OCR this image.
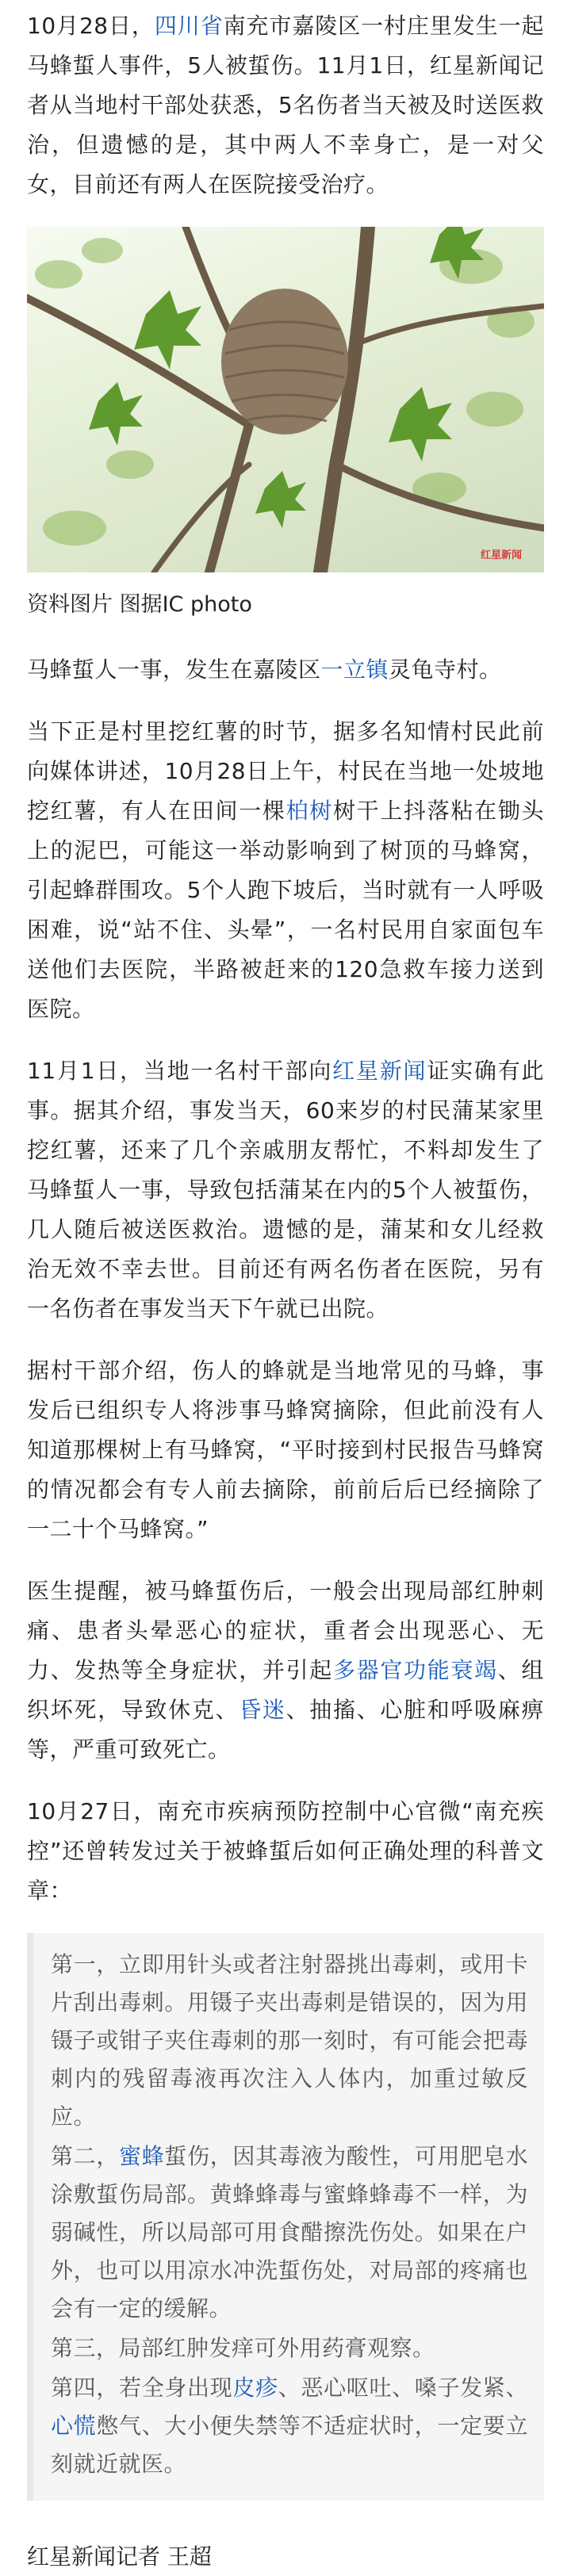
10月28日，四川省南充市嘉陵区一村庄里发生一起马蜂蜇人事件，5人被蜇伤。11月1日，红星新闻记者从当地村干部处获悉，5名伤者当天被及时送医救治，但遗憾的是，其中两人不幸身亡，是一对父女，目前还有两人在医院接受治疗。

红星新闻
资料图片 图据IC photo

马蜂蜇人一事，发生在嘉陵区一立镇灵龟寺村。

当下正是村里挖红薯的时节，据多名知情村民此前向媒体讲述，10月28日上午，村民在当地一处坡地挖红薯，有人在田间一棵柏树树干上抖落粘在锄头上的泥巴，可能这一举动影响到了树顶的马蜂窝，引起蜂群围攻。5个人跑下坡后，当时就有一人呼吸困难，说“站不住、头晕”，一名村民用自家面包车送他们去医院，半路被赶来的120急救车接力送到医院。

11月1日，当地一名村干部向红星新闻证实确有此事。据其介绍，事发当天，60来岁的村民蒲某家里挖红薯，还来了几个亲戚朋友帮忙，不料却发生了马蜂蜇人一事，导致包括蒲某在内的5个人被蜇伤，几人随后被送医救治。遗憾的是，蒲某和女儿经救治无效不幸去世。目前还有两名伤者在医院，另有一名伤者在事发当天下午就已出院。

据村干部介绍，伤人的蜂就是当地常见的马蜂，事发后已组织专人将涉事马蜂窝摘除，但此前没有人知道那棵树上有马蜂窝，“平时接到村民报告马蜂窝的情况都会有专人前去摘除，前前后后已经摘除了一二十个马蜂窝。”

医生提醒，被马蜂蜇伤后，一般会出现局部红肿刺痛、患者头晕恶心的症状，重者会出现恶心、无力、发热等全身症状，并引起多器官功能衰竭、组织坏死，导致休克、昏迷、抽搐、心脏和呼吸麻痹等，严重可致死亡。

10月27日，南充市疾病预防控制中心官微“南充疾控”还曾转发过关于被蜂蜇后如何正确处理的科普文章：

第一，立即用针头或者注射器挑出毒刺，或用卡片刮出毒刺。用镊子夹出毒刺是错误的，因为用镊子或钳子夹住毒刺的那一刻时，有可能会把毒刺内的残留毒液再次注入人体内，加重过敏反应。

第二，蜜蜂蜇伤，因其毒液为酸性，可用肥皂水涂敷蜇伤局部。黄蜂蜂毒与蜜蜂蜂毒不一样，为弱碱性，所以局部可用食醋擦洗伤处。如果在户外，也可以用凉水冲洗蜇伤处，对局部的疼痛也会有一定的缓解。

第三，局部红肿发痒可外用药膏观察。

第四，若全身出现皮疹、恶心呕吐、嗓子发紧、心慌憋气、大小便失禁等不适症状时，一定要立刻就近就医。

红星新闻记者 王超
